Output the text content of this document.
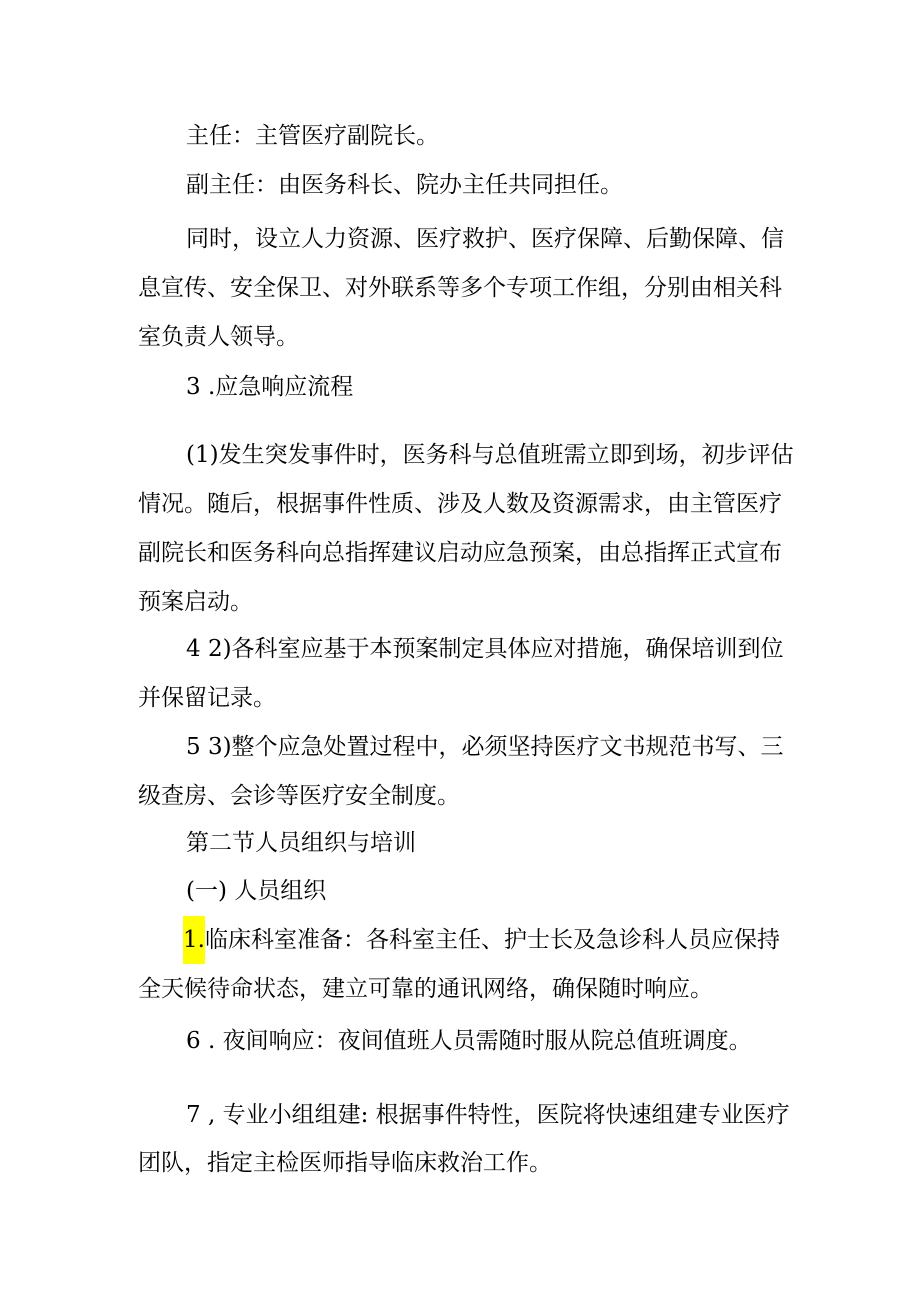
主任：主管医疗副院长。
副主任：由医务科长、院办主任共同担任。
同时，设立人力资源、医疗救护、医疗保障、后勤保障、信
息宣传、安全保卫、对外联系等多个专项工作组，分别由相关科
室负责人领导。
3 .应急响应流程
(1)发生突发事件时，医务科与总值班需立即到场，初步评估
情况。随后，根据事件性质、涉及人数及资源需求，由主管医疗
副院长和医务科向总指挥建议启动应急预案，由总指挥正式宣布
预案启动。
4 2)各科室应基于本预案制定具体应对措施，确保培训到位
并保留记录。
5 3)整个应急处置过程中，必须坚持医疗文书规范书写、三
级查房、会诊等医疗安全制度。
第二节人员组织与培训
(一) 人员组织
1.临床科室准备：各科室主任、护士长及急诊科人员应保持
全天候待命状态，建立可靠的通讯网络，确保随时响应。
6 . 夜间响应：夜间值班人员需随时服从院总值班调度。
7 , 专业小组组建: 根据事件特性，医院将快速组建专业医疗
团队，指定主检医师指导临床救治工作。
